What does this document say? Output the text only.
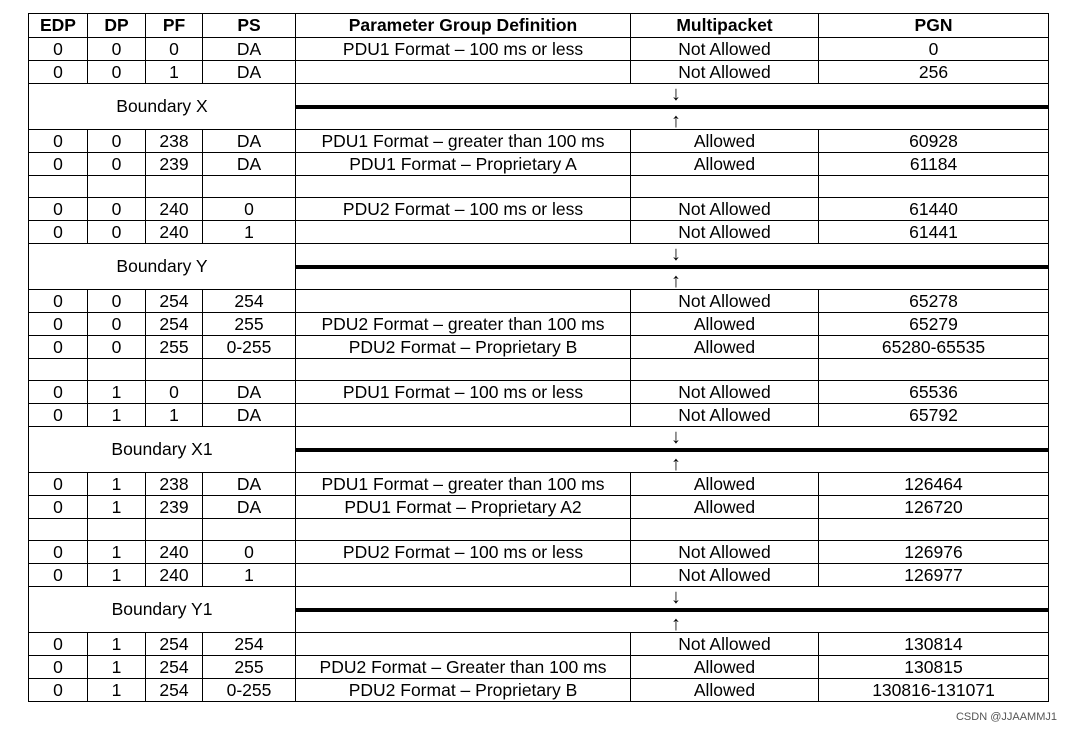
EDP	DP	PF	PS	Parameter Group Definition	Multipacket	PGN
0	0	0	DA	PDU1 Format – 100 ms or less	Not Allowed	0
0	0	1	DA		Not Allowed	256
Boundary X				↓
↑		

0	0	238	DA	PDU1 Format – greater than 100 ms	Allowed	60928
0	0	239	DA	PDU1 Format – Proprietary A	Allowed	61184

0	0	240	0	PDU2 Format – 100 ms or less	Not Allowed	61440
0	0	240	1		Not Allowed	61441
Boundary Y				↓
↑		

0	0	254	254		Not Allowed	65278
0	0	254	255	PDU2 Format – greater than 100 ms	Allowed	65279
0	0	255	0-255	PDU2 Format – Proprietary B	Allowed	65280-65535

0	1	0	DA	PDU1 Format – 100 ms or less	Not Allowed	65536
0	1	1	DA		Not Allowed	65792
Boundary X1				↓
↑		

0	1	238	DA	PDU1 Format – greater than 100 ms	Allowed	126464
0	1	239	DA	PDU1 Format – Proprietary A2	Allowed	126720

0	1	240	0	PDU2 Format – 100 ms or less	Not Allowed	126976
0	1	240	1		Not Allowed	126977
Boundary Y1				↓
↑		

0	1	254	254		Not Allowed	130814
0	1	254	255	PDU2 Format – Greater than 100 ms	Allowed	130815
0	1	254	0-255	PDU2 Format – Proprietary B	Allowed	130816-131071
CSDN @JJAAMMJ1
